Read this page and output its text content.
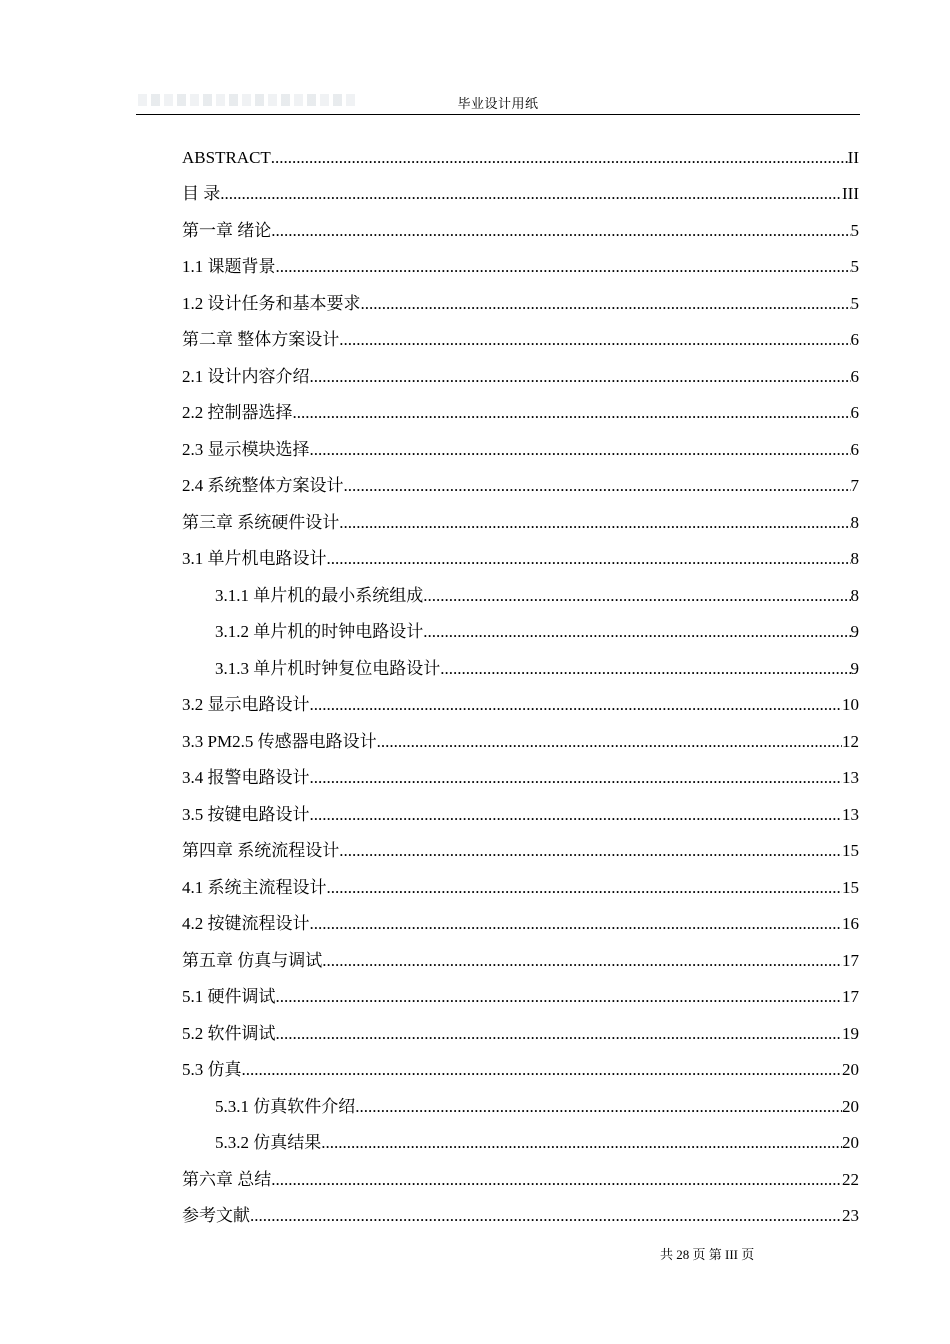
毕业设计用纸
ABSTRACT .....	II
目 录 .....	III
第一章 绪论 .....	5
1.1 课题背景 .....	5
1.2 设计任务和基本要求 .....	5
第二章 整体方案设计 .....	6
2.1 设计内容介绍 .....	6
2.2 控制器选择 .....	6
2.3 显示模块选择 .....	6
2.4 系统整体方案设计 .....	7
第三章 系统硬件设计 .....	8
3.1 单片机电路设计 .....	8
3.1.1 单片机的最小系统组成 .....	8
3.1.2 单片机的时钟电路设计 .....	9
3.1.3 单片机时钟复位电路设计 .....	9
3.2 显示电路设计 .....	10
3.3 PM2.5 传感器电路设计 .....	12
3.4 报警电路设计 .....	13
3.5 按键电路设计 .....	13
第四章 系统流程设计 .....	15
4.1 系统主流程设计 .....	15
4.2 按键流程设计 .....	16
第五章 仿真与调试 .....	17
5.1 硬件调试 .....	17
5.2 软件调试 .....	19
5.3 仿真 .....	20
5.3.1 仿真软件介绍 .....	20
5.3.2 仿真结果 .....	20
第六章 总结 .....	22
参考文献 .....	23
共 28 页 第 III 页
